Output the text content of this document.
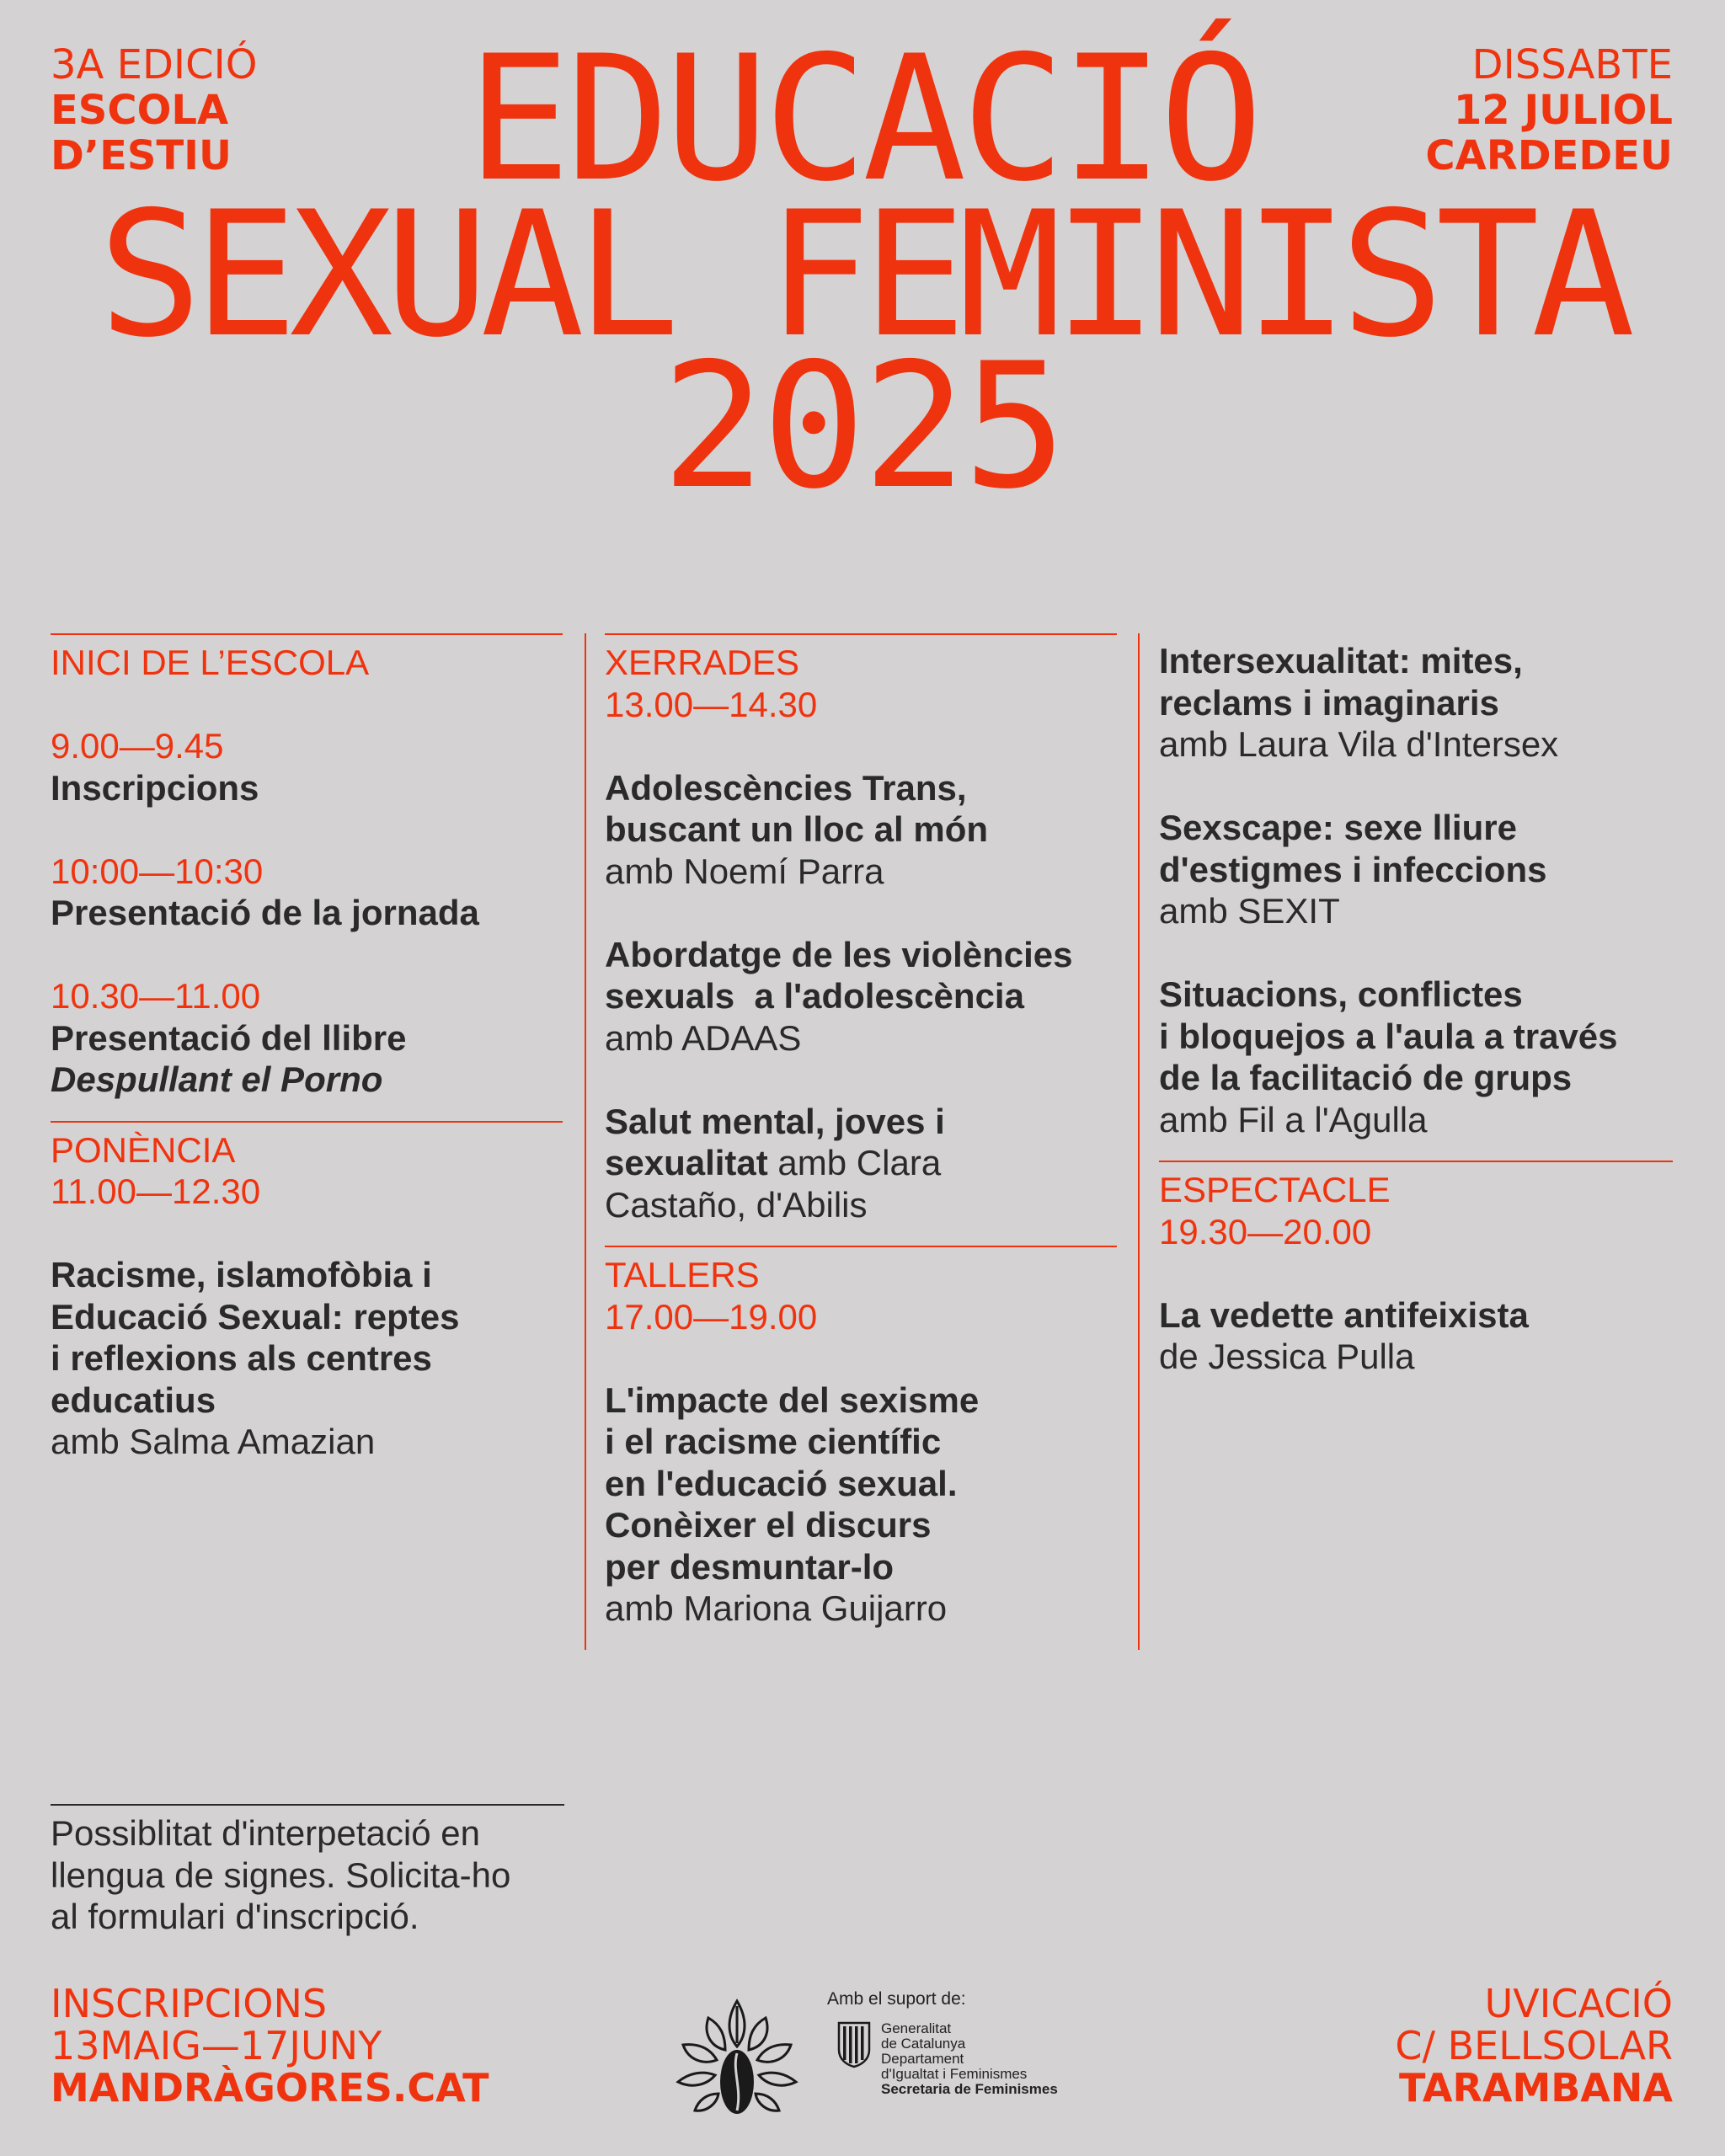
3A EDICIÓ
ESCOLA
D’ESTIU
DISSABTE
12 JULIOL
CARDEDEU
EDUCACIÓ
SEXUAL FEMINISTA
2025
INICI DE L’ESCOLA
9.00—9.45
Inscripcions
10:00—10:30
Presentació de la jornada
10.30—11.00
Presentació del llibre
Despullant el Porno
PONÈNCIA
11.00—12.30
Racisme, islamofòbia i
Educació Sexual: reptes
i reflexions als centres
educatius
amb Salma Amazian
XERRADES
13.00—14.30
Adolescències Trans,
buscant un lloc al món
amb Noemí Parra
Abordatge de les violències
sexuals  a l'adolescència
amb ADAAS
Salut mental, joves i
sexualitat amb Clara
Castaño, d'Abilis
TALLERS
17.00—19.00
L'impacte del sexisme
i el racisme científic
en l'educació sexual.
Conèixer el discurs
per desmuntar-lo
amb Mariona Guijarro
Intersexualitat: mites,
reclams i imaginaris
amb Laura Vila d'Intersex
Sexscape: sexe lliure
d'estigmes i infeccions
amb SEXIT
Situacions, conflictes
i bloquejos a l'aula a través
de la facilitació de grups
amb Fil a l'Agulla
ESPECTACLE
19.30—20.00
La vedette antifeixista
de Jessica Pulla
Possiblitat d'interpetació en
llengua de signes. Solicita-ho
al formulari d'inscripció.
INSCRIPCIONS
13MAIG—17JUNY
MANDRÀGORES.CAT
UVICACIÓ
C/ BELLSOLAR
TARAMBANA
Amb el suport de:
Generalitat
de Catalunya
Departament
d'Igualtat i Feminismes
Secretaria de Feminismes
